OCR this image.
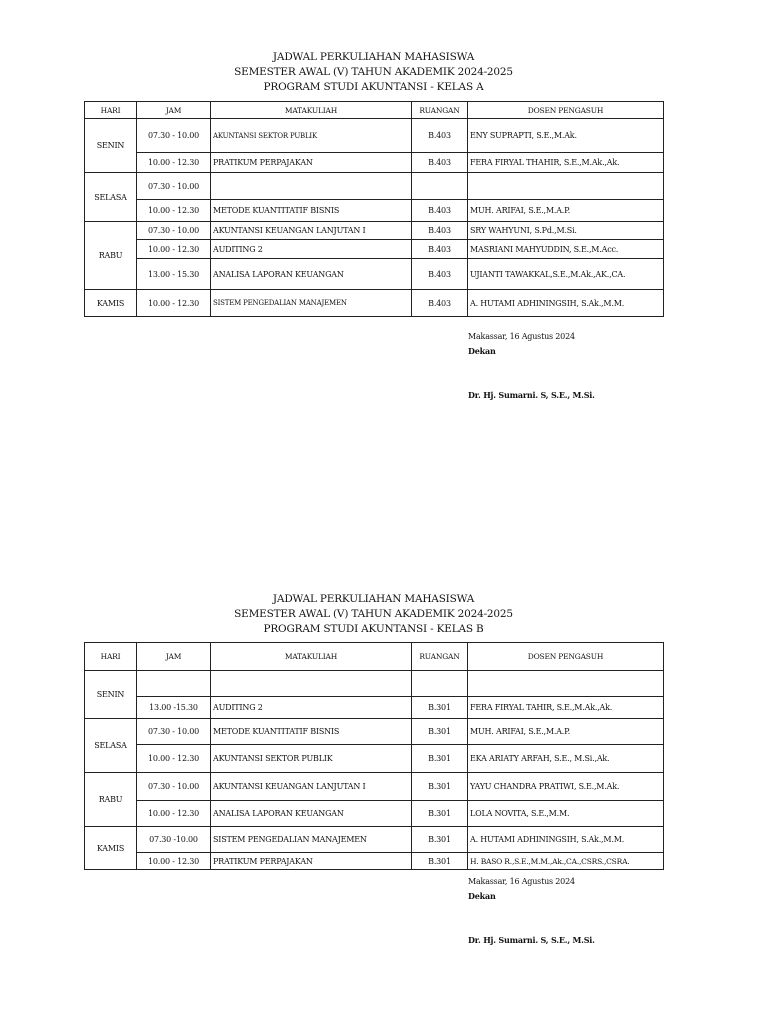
JADWAL PERKULIAHAN MAHASISWA
SEMESTER AWAL (V) TAHUN AKADEMIK 2024-2025
PROGRAM STUDI AKUNTANSI - KELAS A
HARI	JAM	MATAKULIAH	RUANGAN	DOSEN PENGASUH
SENIN	07.30 - 10.00	AKUNTANSI SEKTOR PUBLIK	B.403	ENY SUPRAPTI, S.E.,M.Ak.
	10.00 - 12.30	PRATIKUM PERPAJAKAN	B.403	FERA FIRYAL THAHIR, S.E.,M.Ak.,Ak.
SELASA	07.30 - 10.00			
	10.00 - 12.30	METODE KUANTITATIF BISNIS	B.403	MUH. ARIFAI, S.E.,M.A.P.
RABU	07.30 - 10.00	AKUNTANSI KEUANGAN LANJUTAN I	B.403	SRY WAHYUNI, S.Pd.,M.Si.
	10.00 - 12.30	AUDITING 2	B.403	MASRIANI MAHYUDDIN, S.E.,M.Acc.
	13.00 - 15.30	ANALISA LAPORAN KEUANGAN	B.403	UJIANTI TAWAKKAL,S.E.,M.Ak.,AK.,CA.
KAMIS	10.00 - 12.30	SISTEM PENGEDALIAN MANAJEMEN	B.403	A. HUTAMI ADHININGSIH, S.Ak.,M.M.
Makassar, 16 Agustus 2024
Dekan
Dr. Hj. Sumarni. S, S.E., M.Si.
JADWAL PERKULIAHAN MAHASISWA
SEMESTER AWAL (V) TAHUN AKADEMIK 2024-2025
PROGRAM STUDI AKUNTANSI - KELAS B
HARI	JAM	MATAKULIAH	RUANGAN	DOSEN PENGASUH
SENIN				
	13.00 -15.30	AUDITING 2	B.301	FERA FIRYAL TAHIR, S.E.,M.Ak.,Ak.
SELASA	07.30 - 10.00	METODE KUANTITATIF BISNIS	B.301	MUH. ARIFAI, S.E.,M.A.P.
	10.00 - 12.30	AKUNTANSI SEKTOR PUBLIK	B.301	EKA ARIATY ARFAH, S.E., M.Si.,Ak.
RABU	07.30 - 10.00	AKUNTANSI KEUANGAN LANJUTAN I	B.301	YAYU CHANDRA PRATIWI, S.E.,M.Ak.
	10.00 - 12.30	ANALISA LAPORAN KEUANGAN	B.301	LOLA NOVITA, S.E.,M.M.
KAMIS	07.30 -10.00	SISTEM PENGEDALIAN MANAJEMEN	B.301	A. HUTAMI ADHININGSIH, S.Ak.,M.M.
	10.00 - 12.30	PRATIKUM PERPAJAKAN	B.301	H. BASO R.,S.E.,M.M.,Ak.,CA.,CSRS.,CSRA.
Makassar, 16 Agustus 2024
Dekan
Dr. Hj. Sumarni. S, S.E., M.Si.
